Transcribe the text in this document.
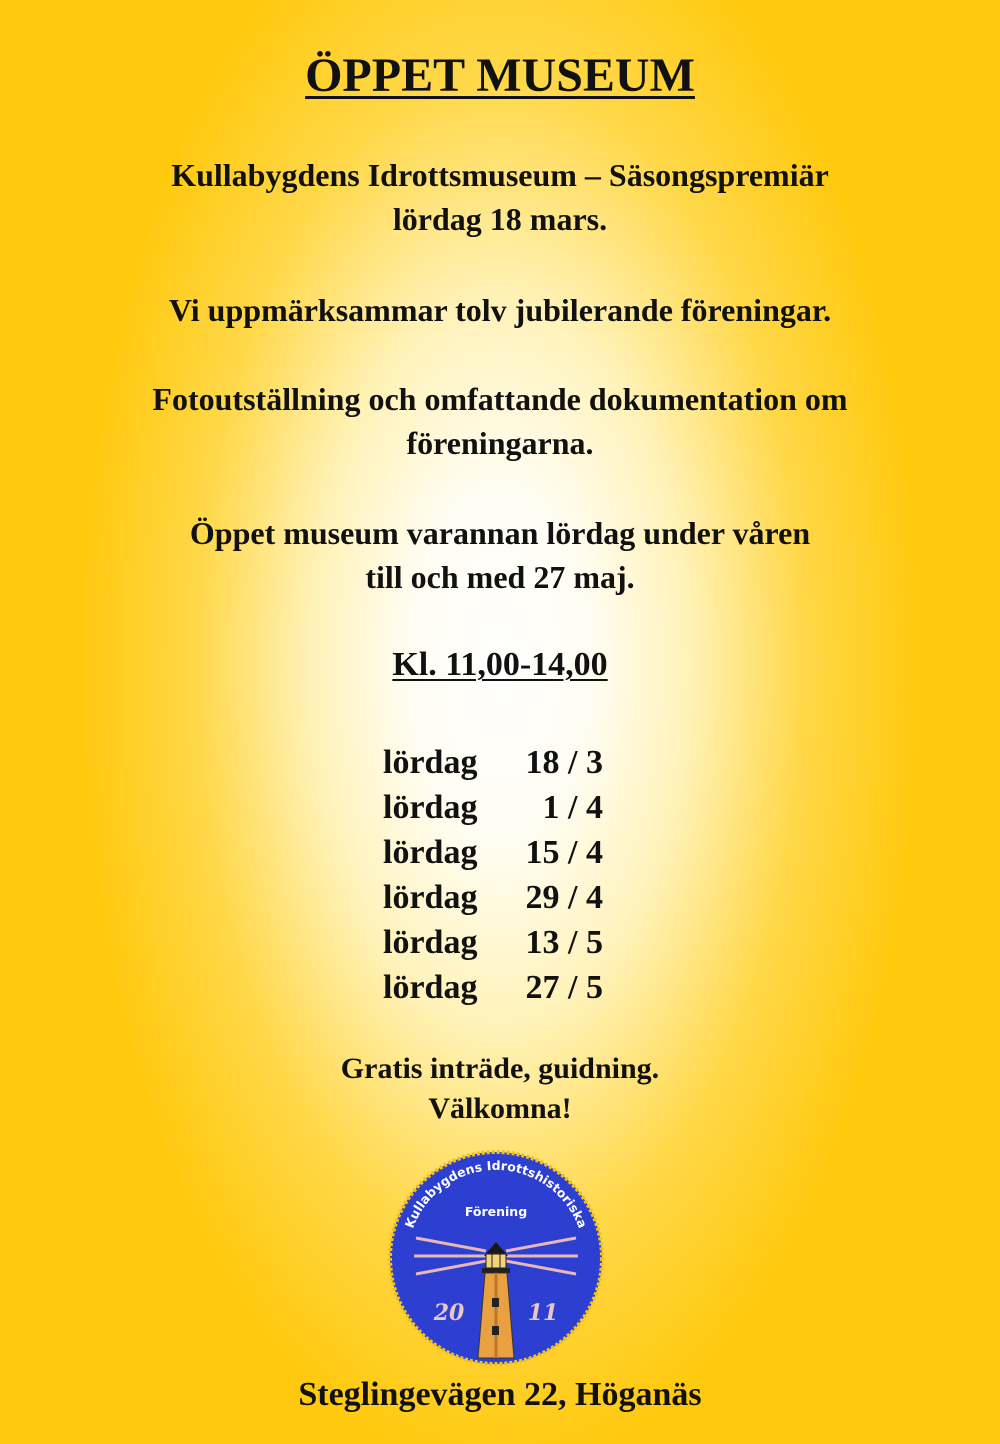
ÖPPET MUSEUM
Kullabygdens Idrottsmuseum – Säsongspremiär
lördag 18 mars.
Vi uppmärksammar tolv jubilerande föreningar.
Fotoutställning och omfattande dokumentation om
föreningarna.
Öppet museum varannan lördag under våren
till och med 27 maj.
Kl. 11,00-14,00
lördag	18 / 3
lördag	1 / 4
lördag	15 / 4
lördag	29 / 4
lördag	13 / 5
lördag	27 / 5
Gratis inträde, guidning.
Välkomna!
Kullabygdens Idrottshistoriska
Förening
20	11
Steglingevägen 22, Höganäs
